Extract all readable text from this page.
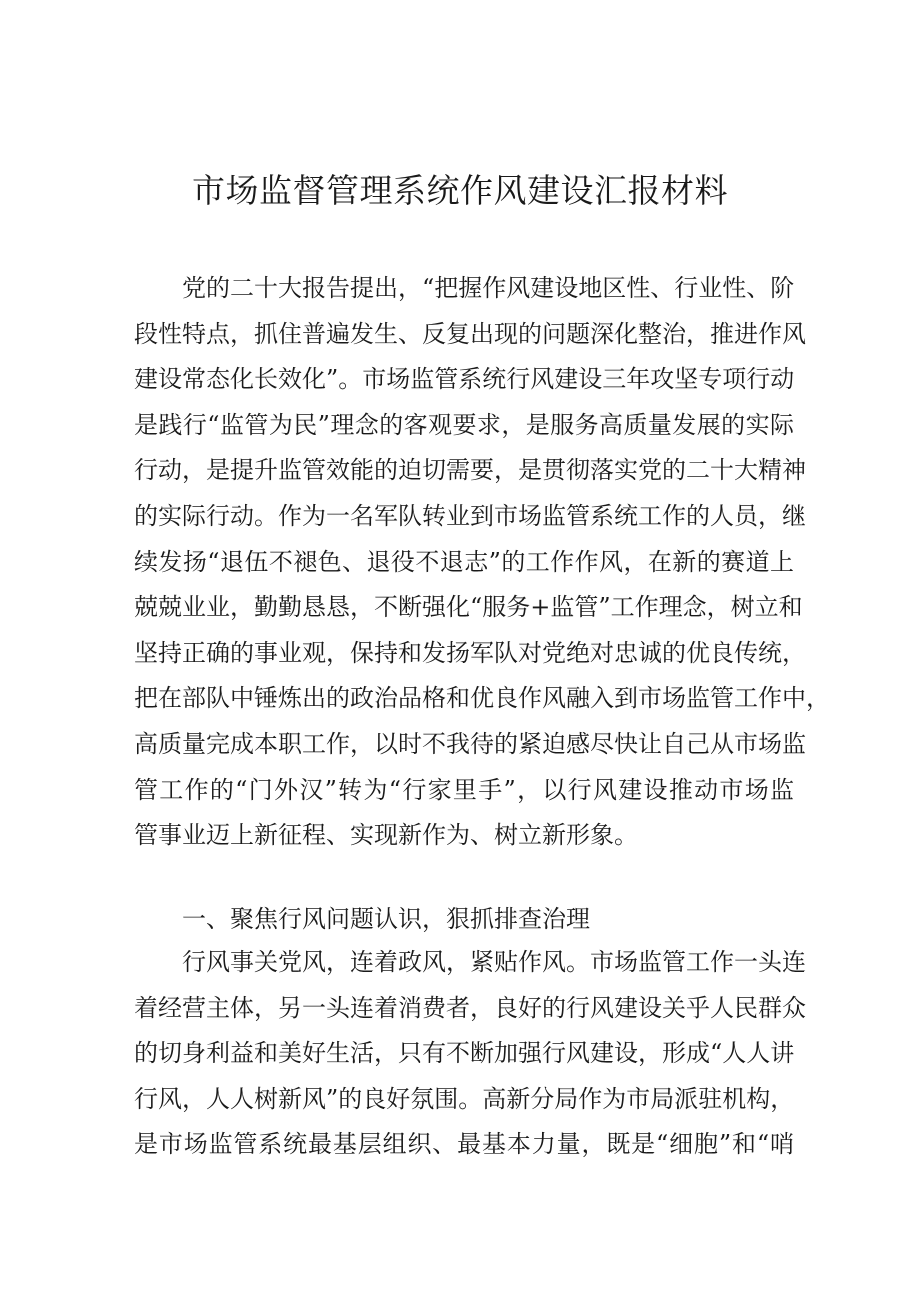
市场监督管理系统作风建设汇报材料
党的二十大报告提出，“把握作风建设地区性、行业性、阶
段性特点，抓住普遍发生、反复出现的问题深化整治，推进作风
建设常态化长效化”。市场监管系统行风建设三年攻坚专项行动
是践行“监管为民”理念的客观要求，是服务高质量发展的实际
行动，是提升监管效能的迫切需要，是贯彻落实党的二十大精神
的实际行动。作为一名军队转业到市场监管系统工作的人员，继
续发扬“退伍不褪色、退役不退志”的工作作风，在新的赛道上
兢兢业业，勤勤恳恳，不断强化“服务+监管”工作理念，树立和
坚持正确的事业观，保持和发扬军队对党绝对忠诚的优良传统，
把在部队中锤炼出的政治品格和优良作风融入到市场监管工作中，
高质量完成本职工作，以时不我待的紧迫感尽快让自己从市场监
管工作的“门外汉”转为“行家里手”，以行风建设推动市场监
管事业迈上新征程、实现新作为、树立新形象。
一、聚焦行风问题认识，狠抓排查治理
行风事关党风，连着政风，紧贴作风。市场监管工作一头连
着经营主体，另一头连着消费者，良好的行风建设关乎人民群众
的切身利益和美好生活，只有不断加强行风建设，形成“人人讲
行风，人人树新风”的良好氛围。高新分局作为市局派驻机构，
是市场监管系统最基层组织、最基本力量，既是“细胞”和“哨
